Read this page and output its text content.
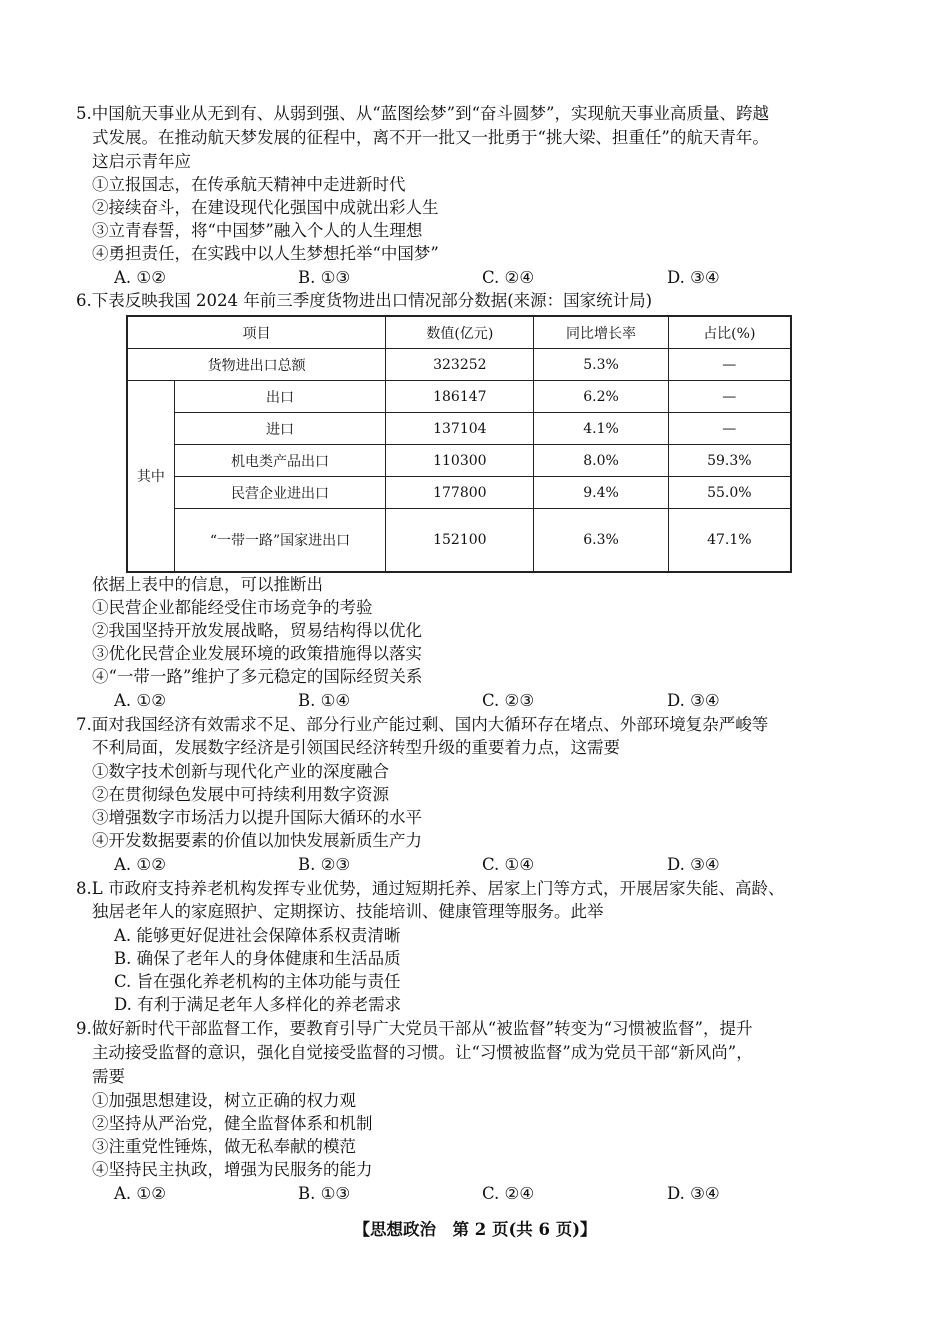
5.中国航天事业从无到有、从弱到强、从“蓝图绘梦”到“奋斗圆梦”，实现航天事业高质量、跨越
式发展。在推动航天梦发展的征程中，离不开一批又一批勇于“挑大梁、担重任”的航天青年。
这启示青年应
①立报国志，在传承航天精神中走进新时代
②接续奋斗，在建设现代化强国中成就出彩人生
③立青春誓，将“中国梦”融入个人的人生理想
④勇担责任，在实践中以人生梦想托举“中国梦”
A. ①②	B. ①③	C. ②④	D. ③④
6.下表反映我国 2024 年前三季度货物进出口情况部分数据(来源：国家统计局)
项目		数值(亿元)	同比增长率	占比(%)
货物进出口总额		323252	5.3%	—
其中	出口	186147	6.2%	—
	进口	137104	4.1%	—
	机电类产品出口	110300	8.0%	59.3%
	民营企业进出口	177800	9.4%	55.0%
	“一带一路”国家进出口	152100	6.3%	47.1%
依据上表中的信息，可以推断出
①民营企业都能经受住市场竞争的考验
②我国坚持开放发展战略，贸易结构得以优化
③优化民营企业发展环境的政策措施得以落实
④“一带一路”维护了多元稳定的国际经贸关系
A. ①②	B. ①④	C. ②③	D. ③④
7.面对我国经济有效需求不足、部分行业产能过剩、国内大循环存在堵点、外部环境复杂严峻等
不利局面，发展数字经济是引领国民经济转型升级的重要着力点，这需要
①数字技术创新与现代化产业的深度融合
②在贯彻绿色发展中可持续利用数字资源
③增强数字市场活力以提升国际大循环的水平
④开发数据要素的价值以加快发展新质生产力
A. ①②	B. ②③	C. ①④	D. ③④
8.L 市政府支持养老机构发挥专业优势，通过短期托养、居家上门等方式，开展居家失能、高龄、
独居老年人的家庭照护、定期探访、技能培训、健康管理等服务。此举
A. 能够更好促进社会保障体系权责清晰
B. 确保了老年人的身体健康和生活品质
C. 旨在强化养老机构的主体功能与责任
D. 有利于满足老年人多样化的养老需求
9.做好新时代干部监督工作，要教育引导广大党员干部从“被监督”转变为“习惯被监督”，提升
主动接受监督的意识，强化自觉接受监督的习惯。让“习惯被监督”成为党员干部“新风尚”，
需要
①加强思想建设，树立正确的权力观
②坚持从严治党，健全监督体系和机制
③注重党性锤炼，做无私奉献的模范
④坚持民主执政，增强为民服务的能力
A. ①②	B. ①③	C. ②④	D. ③④
【思想政治　第 2 页(共 6 页)】
